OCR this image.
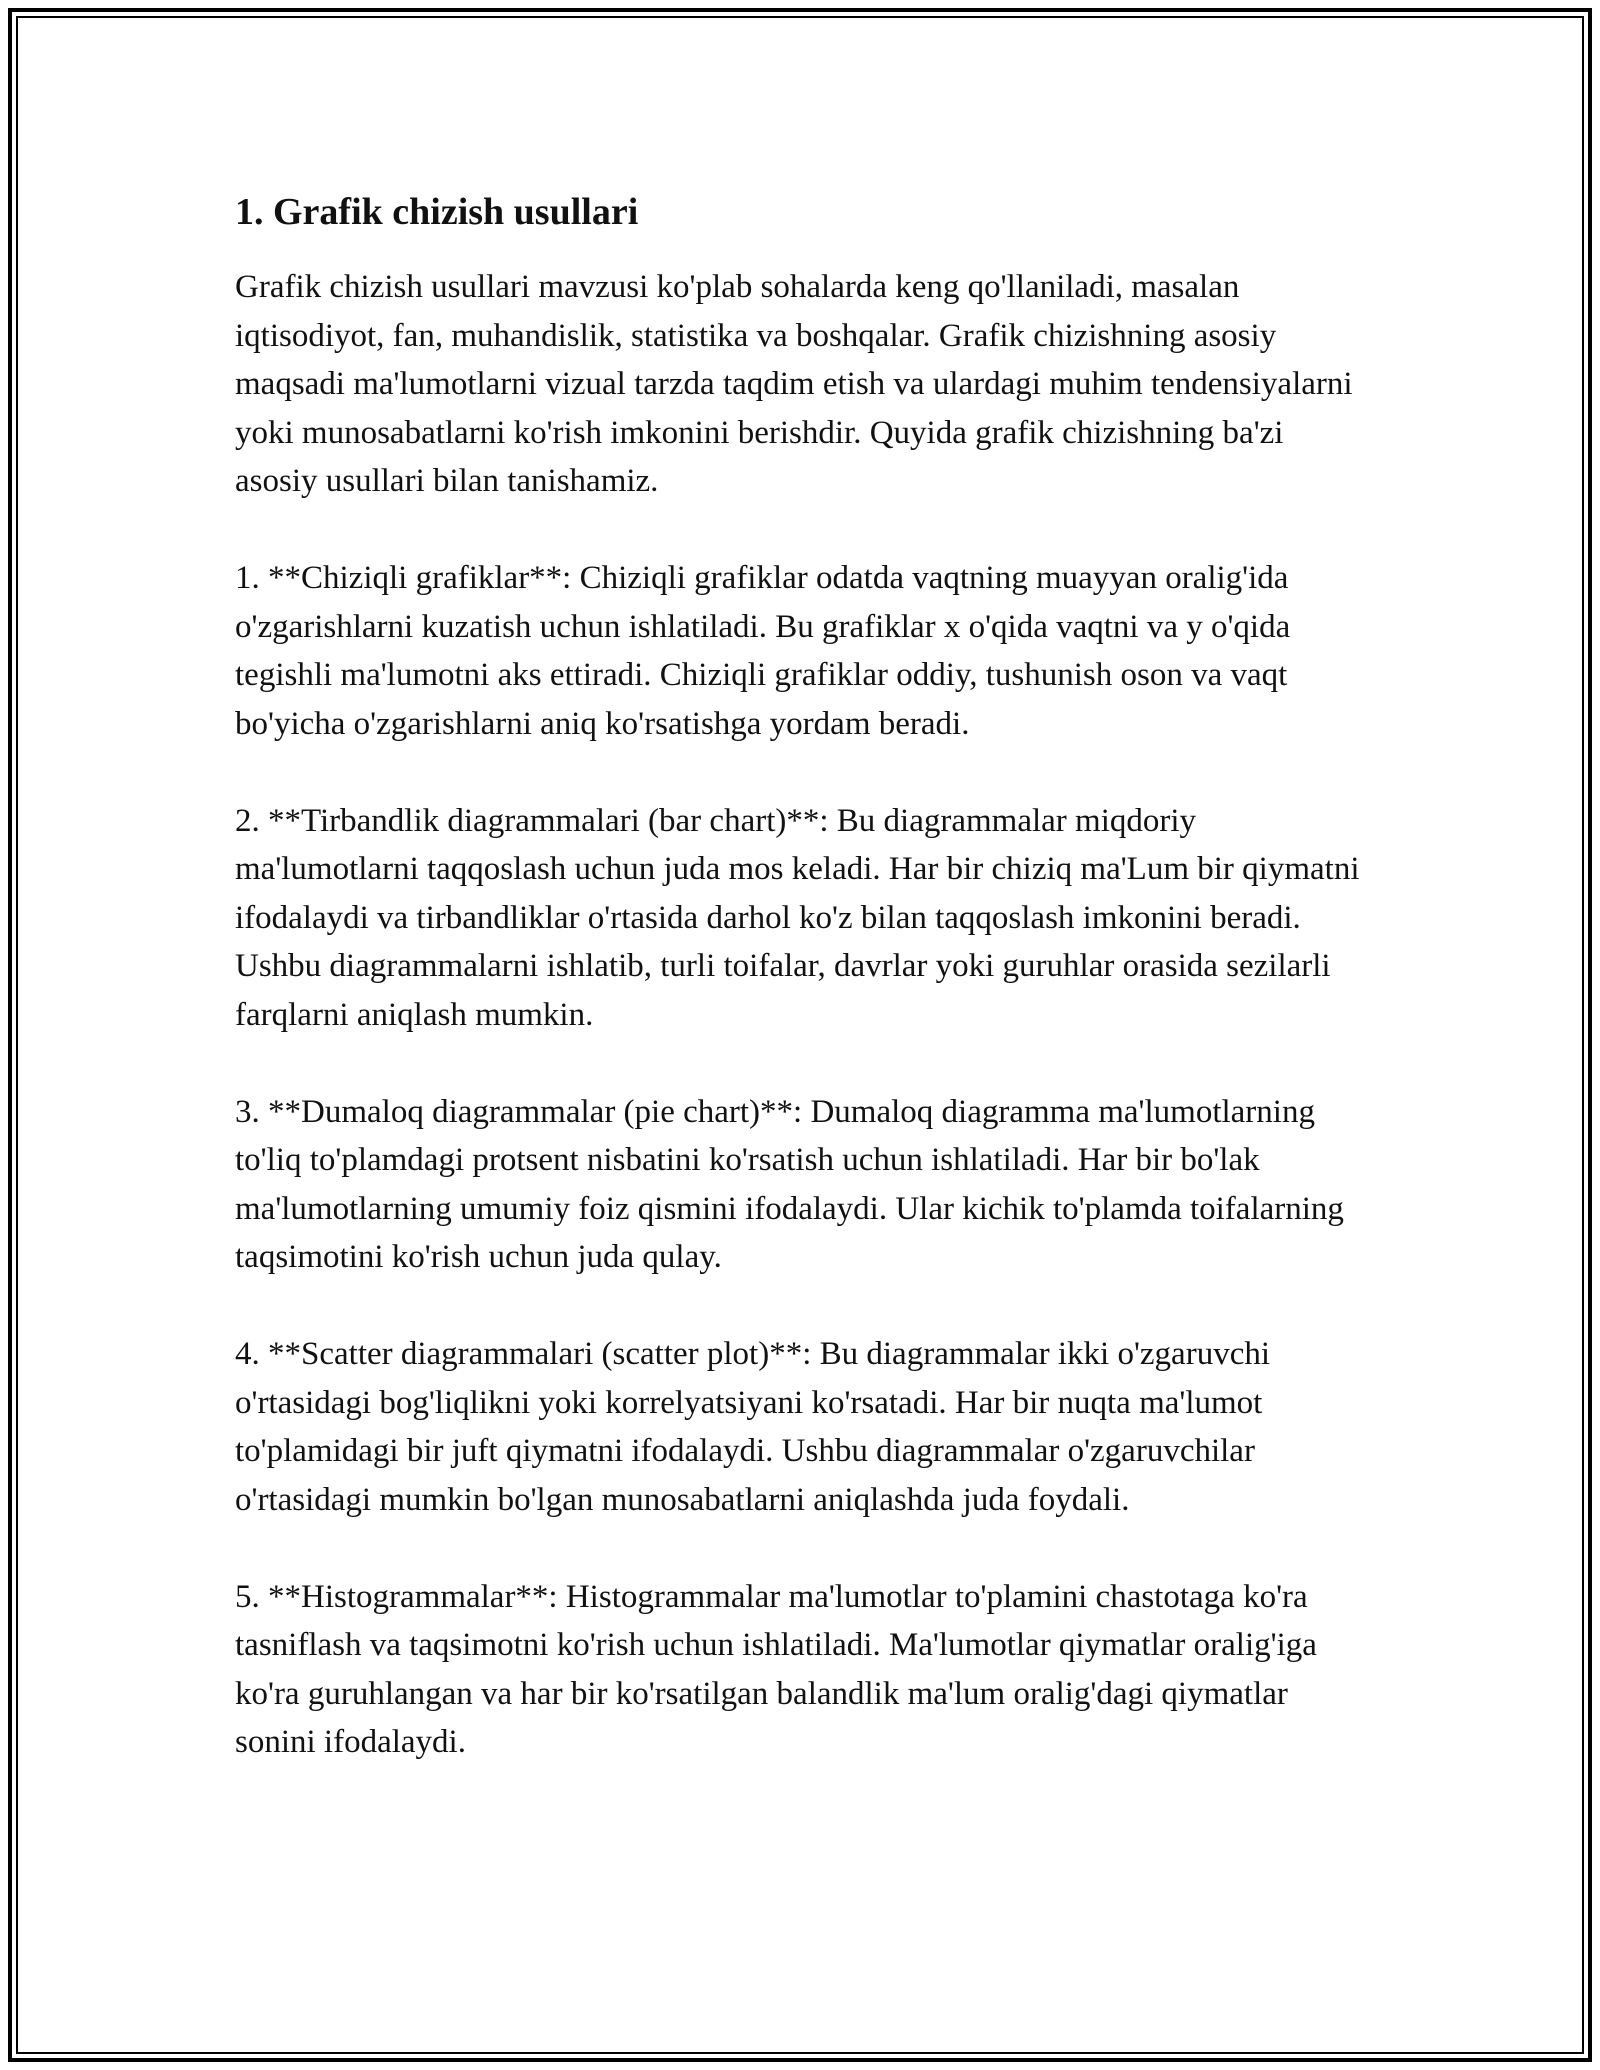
1. Grafik chizish usullari

Grafik chizish usullari mavzusi ko'plab sohalarda keng qo'llaniladi, masalan iqtisodiyot, fan, muhandislik, statistika va boshqalar. Grafik chizishning asosiy maqsadi ma'lumotlarni vizual tarzda taqdim etish va ulardagi muhim tendensiyalarni yoki munosabatlarni ko'rish imkonini berishdir. Quyida grafik chizishning ba'zi asosiy usullari bilan tanishamiz.

1. **Chiziqli grafiklar**: Chiziqli grafiklar odatda vaqtning muayyan oralig'ida o'zgarishlarni kuzatish uchun ishlatiladi. Bu grafiklar x o'qida vaqtni va y o'qida tegishli ma'lumotni aks ettiradi. Chiziqli grafiklar oddiy, tushunish oson va vaqt bo'yicha o'zgarishlarni aniq ko'rsatishga yordam beradi.

2. **Tirbandlik diagrammalari (bar chart)**: Bu diagrammalar miqdoriy ma'lumotlarni taqqoslash uchun juda mos keladi. Har bir chiziq ma'Lum bir qiymatni ifodalaydi va tirbandliklar o'rtasida darhol ko'z bilan taqqoslash imkonini beradi. Ushbu diagrammalarni ishlatib, turli toifalar, davrlar yoki guruhlar orasida sezilarli farqlarni aniqlash mumkin.

3. **Dumaloq diagrammalar (pie chart)**: Dumaloq diagramma ma'lumotlarning to'liq to'plamdagi protsent nisbatini ko'rsatish uchun ishlatiladi. Har bir bo'lak ma'lumotlarning umumiy foiz qismini ifodalaydi. Ular kichik to'plamda toifalarning taqsimotini ko'rish uchun juda qulay.

4. **Scatter diagrammalari (scatter plot)**: Bu diagrammalar ikki o'zgaruvchi o'rtasidagi bog'liqlikni yoki korrelyatsiyani ko'rsatadi. Har bir nuqta ma'lumot to'plamidagi bir juft qiymatni ifodalaydi. Ushbu diagrammalar o'zgaruvchilar o'rtasidagi mumkin bo'lgan munosabatlarni aniqlashda juda foydali.

5. **Histogrammalar**: Histogrammalar ma'lumotlar to'plamini chastotaga ko'ra tasniflash va taqsimotni ko'rish uchun ishlatiladi. Ma'lumotlar qiymatlar oralig'iga ko'ra guruhlangan va har bir ko'rsatilgan balandlik ma'lum oralig'dagi qiymatlar sonini ifodalaydi.
